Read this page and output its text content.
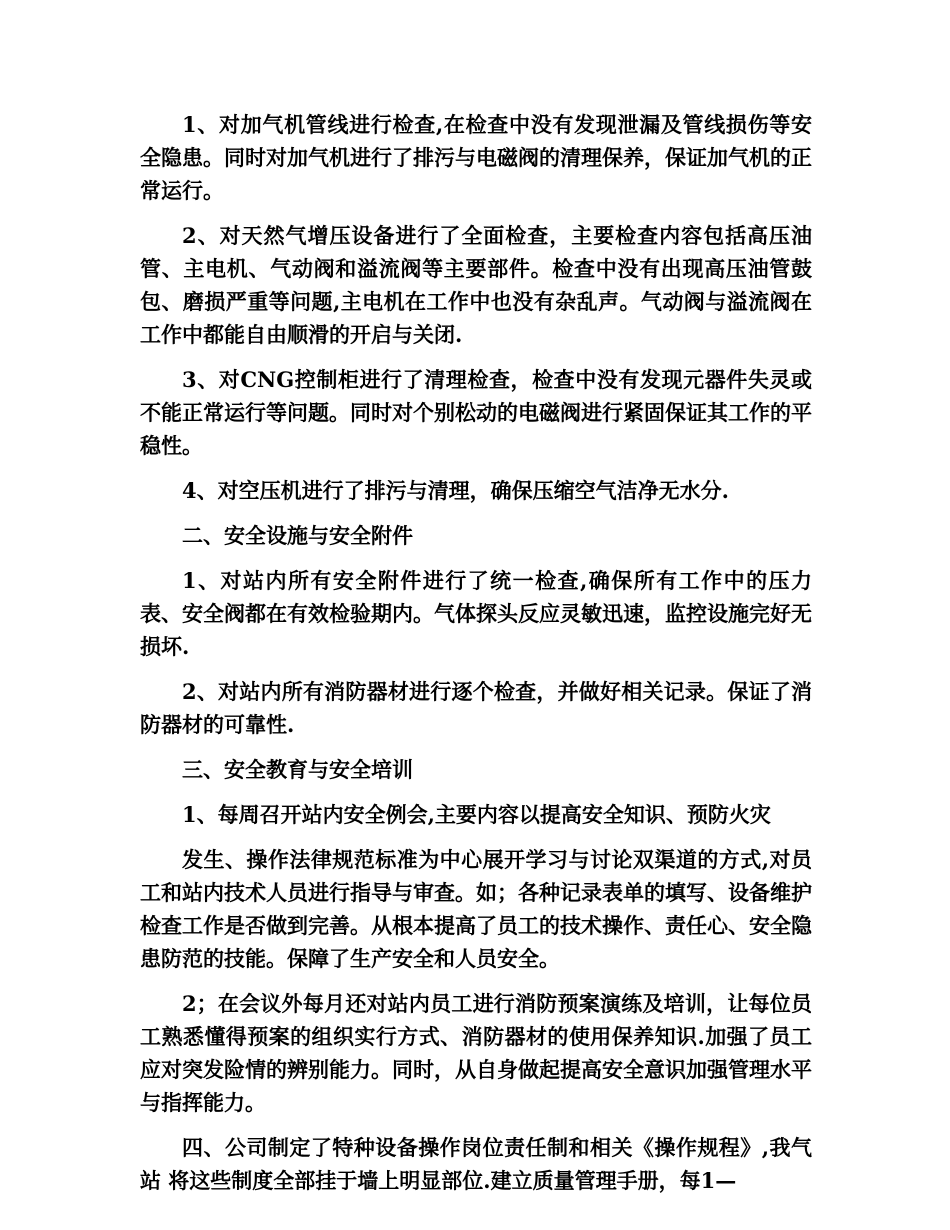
1、对加气机管线进行检查,在检查中没有发现泄漏及管线损伤等安全隐患。同时对加气机进行了排污与电磁阀的清理保养，保证加气机的正常运行。

2、对天然气增压设备进行了全面检查，主要检查内容包括高压油管、主电机、气动阀和溢流阀等主要部件。检查中没有出现高压油管鼓包、磨损严重等问题,主电机在工作中也没有杂乱声。气动阀与溢流阀在工作中都能自由顺滑的开启与关闭.

3、对CNG控制柜进行了清理检查，检查中没有发现元器件失灵或不能正常运行等问题。同时对个别松动的电磁阀进行紧固保证其工作的平稳性。

4、对空压机进行了排污与清理，确保压缩空气洁净无水分.

二、安全设施与安全附件

1、对站内所有安全附件进行了统一检查,确保所有工作中的压力表、安全阀都在有效检验期内。气体探头反应灵敏迅速，监控设施完好无损坏.

2、对站内所有消防器材进行逐个检查，并做好相关记录。保证了消防器材的可靠性.

三、安全教育与安全培训

1、每周召开站内安全例会,主要内容以提高安全知识、预防火灾

发生、操作法律规范标准为中心展开学习与讨论双渠道的方式,对员工和站内技术人员进行指导与审查。如；各种记录表单的填写、设备维护检查工作是否做到完善。从根本提高了员工的技术操作、责任心、安全隐患防范的技能。保障了生产安全和人员安全。

2；在会议外每月还对站内员工进行消防预案演练及培训，让每位员工熟悉懂得预案的组织实行方式、消防器材的使用保养知识.加强了员工应对突发险情的辨别能力。同时，从自身做起提高安全意识加强管理水平与指挥能力。

四、公司制定了特种设备操作岗位责任制和相关《操作规程》,我气站 将这些制度全部挂于墙上明显部位.建立质量管理手册，每1—
